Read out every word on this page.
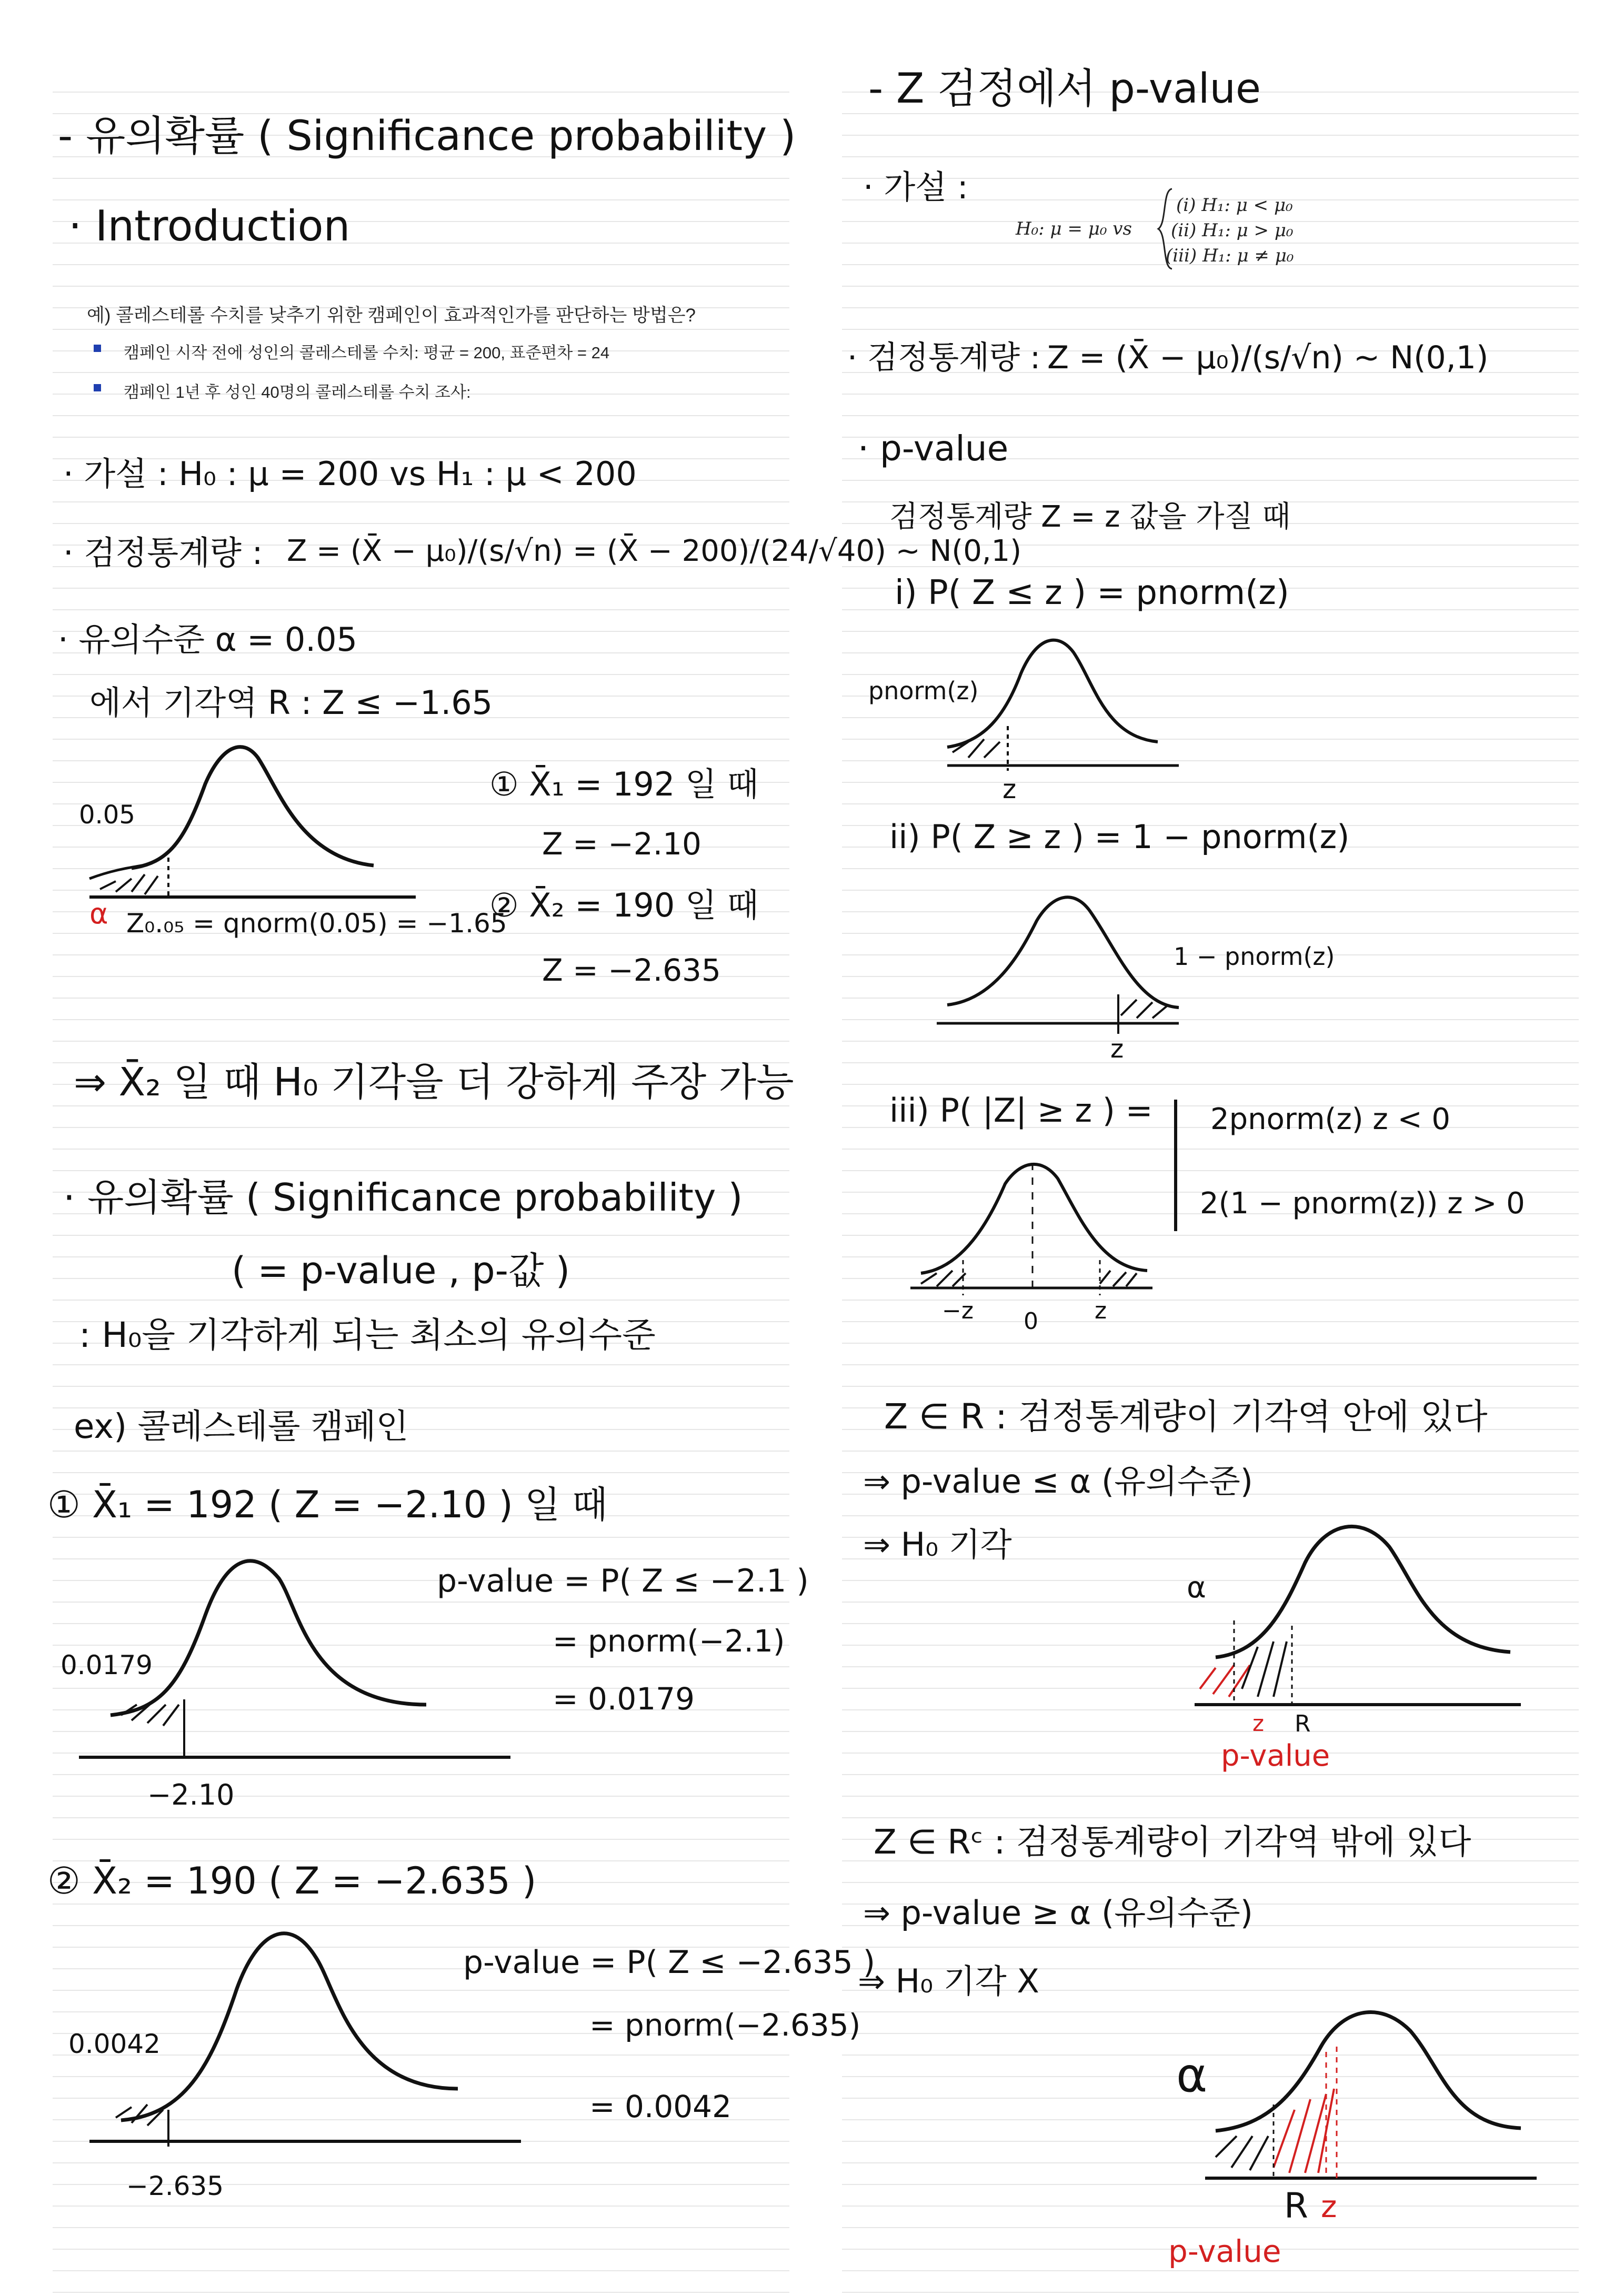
- 유의확률 ( Significance probability )
· Introduction
예) 콜레스테롤 수치를 낮추기 위한 캠페인이 효과적인가를 판단하는 방법은?
캠페인 시작 전에 성인의 콜레스테롤 수치: 평균 = 200, 표준편차 = 24
캠페인 1년 후 성인 40명의 콜레스테롤 수치 조사:
· 가설 : H₀ : μ = 200 vs H₁ : μ < 200
· 검정통계량 : Z = (X̄ − μ₀)/(s/√n) = (X̄ − 200)/(24/√40) ~ N(0,1)
· 유의수준 α = 0.05
에서 기각역 R : Z ≤ −1.65
0.05
α Z₀.₀₅ = qnorm(0.05) = −1.65
① X̄₁ = 192 일 때
Z = −2.10
② X̄₂ = 190 일 때
Z = −2.635
⇒ X̄₂ 일 때 H₀ 기각을 더 강하게 주장 가능
· 유의확률 ( Significance probability )
( = p-value , p-값 )
: H₀을 기각하게 되는 최소의 유의수준
ex) 콜레스테롤 캠페인
① X̄₁ = 192 ( Z = −2.10 ) 일 때
p-value = P( Z ≤ −2.1 )
= pnorm(−2.1)
= 0.0179
0.0179
−2.10
② X̄₂ = 190 ( Z = −2.635 )
p-value = P( Z ≤ −2.635 )
= pnorm(−2.635)
= 0.0042
0.0042
−2.635
- Z 검정에서 p-value
· 가설 :
H₀: μ = μ₀ vs
(i) H₁: μ < μ₀
(ii) H₁: μ > μ₀
(iii) H₁: μ ≠ μ₀
· 검정통계량 : Z = (X̄ − μ₀)/(s/√n) ~ N(0,1)
· p-value
검정통계량 Z = z 값을 가질 때
i) P( Z ≤ z ) = pnorm(z)
pnorm(z)
z
ii) P( Z ≥ z ) = 1 − pnorm(z)
1 − pnorm(z)
z
iii) P( |Z| ≥ z ) = 2pnorm(z) z < 0
2(1 − pnorm(z)) z > 0
−z 0 z
Z ∈ R : 검정통계량이 기각역 안에 있다
⇒ p-value ≤ α (유의수준)
⇒ H₀ 기각
α
z R
p-value
Z ∈ Rᶜ : 검정통계량이 기각역 밖에 있다
⇒ p-value ≥ α (유의수준)
⇒ H₀ 기각 X
α
R z
p-value
